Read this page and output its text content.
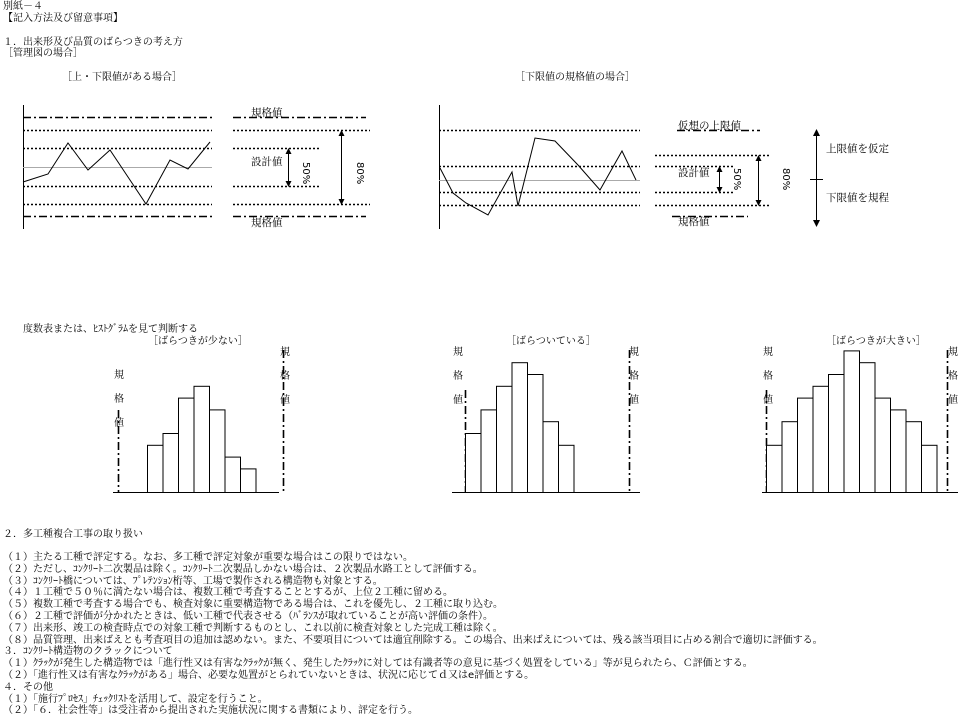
別紙－４
【記入方法及び留意事項】
１．出来形及び品質のばらつきの考え方
［管理図の場合］
［上・下限値がある場合］	［下限値の規格値の場合］
規格値
設計値
規格値
50%	80%
仮想の上限値
設計値
規格値
50%	80%
上限値を仮定
下限値を規程
度数表または、ﾋｽﾄｸﾞﾗﾑを見て判断する
［ばらつきが少ない］	［ばらついている］	［ばらつきが大きい］
規
格
値
規
格
値
規
格
値
規
格
値
規
格
値
規
格
値
２．多工種複合工事の取り扱い
（１）主たる工種で評定する。なお、多工種で評定対象が重要な場合はこの限りではない。
（２）ただし、ｺﾝｸﾘｰﾄ二次製品は除く。ｺﾝｸﾘｰﾄ二次製品しかない場合は、２次製品水路工として評価する。
（３）ｺﾝｸﾘｰﾄ橋については、ﾌﾟﾚﾃﾝｼｮﾝ桁等、工場で製作される構造物も対象とする。
（４）１工種で５０％に満たない場合は、複数工種で考査することとするが、上位２工種に留める。
（５）複数工種で考査する場合でも、検査対象に重要構造物である場合は、これを優先し、２工種に取り込む。
（６）２工種で評価が分かれたときは、低い工種で代表させる（ﾊﾞﾗﾝｽが取れていることが高い評価の条件）。
（７）出来形、竣工の検査時点での対象工種で判断するものとし、これ以前に検査対象とした完成工種は除く。
（８）品質管理、出来ばえとも考査項目の追加は認めない。また、不要項目については適宜削除する。この場合、出来ばえについては、残る該当項目に占める割合で適切に評価する。
３．ｺﾝｸﾘｰﾄ構造物のクラックについて
（１）ｸﾗｯｸが発生した構造物では「進行性又は有害なｸﾗｯｸが無く、発生したｸﾗｯｸに対しては有識者等の意見に基づく処置をしている」等が見られたら、Ｃ評価とする。
（２）「進行性又は有害なｸﾗｯｸがある」場合、必要な処置がとられていないときは、状況に応じてｄ又はe評価とする。
４．その他
（１）「施行ﾌﾟﾛｾｽ」ﾁｪｯｸﾘｽﾄを活用して、設定を行うこと。
（２）「６．社会性等」は受注者から提出された実施状況に関する書類により、評定を行う。
